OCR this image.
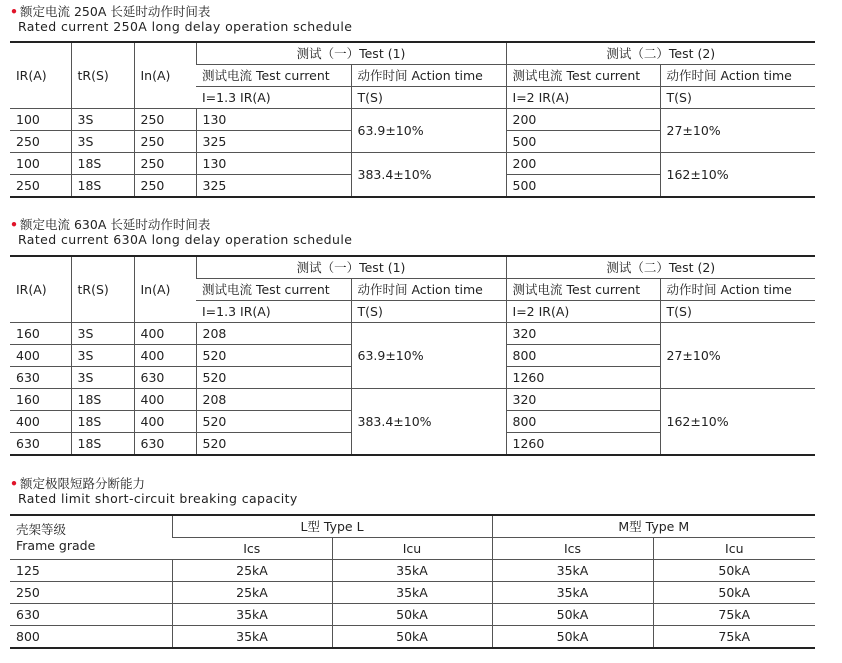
• 额定电流 250A 长延时动作时间表
Rated current 250A long delay operation schedule
IR(A)	tR(S)	In(A)	测试（一）Test (1)		测试（二）Test (2)	
			测试电流 Test current	动作时间 Action time	测试电流 Test current	动作时间 Action time
			I=1.3 IR(A)	T(S)	I=2 IR(A)	T(S)
100	3S	250	130	63.9±10%	200	27±10%
250	3S	250	325		500	
100	18S	250	130	383.4±10%	200	162±10%
250	18S	250	325		500	
• 额定电流 630A 长延时动作时间表
Rated current 630A long delay operation schedule
IR(A)	tR(S)	In(A)	测试（一）Test (1)		测试（二）Test (2)	
			测试电流 Test current	动作时间 Action time	测试电流 Test current	动作时间 Action time
			I=1.3 IR(A)	T(S)	I=2 IR(A)	T(S)
160	3S	400	208	63.9±10%	320	27±10%
400	3S	400	520		800	
630	3S	630	520		1260	
160	18S	400	208	383.4±10%	320	162±10%
400	18S	400	520		800	
630	18S	630	520		1260	
• 额定极限短路分断能力
Rated limit short-circuit breaking capacity
壳架等级
Frame grade	L型 Type L		M型 Type M	
	Ics	Icu	Ics	Icu
125	25kA	35kA	35kA	50kA
250	25kA	35kA	35kA	50kA
630	35kA	50kA	50kA	75kA
800	35kA	50kA	50kA	75kA
